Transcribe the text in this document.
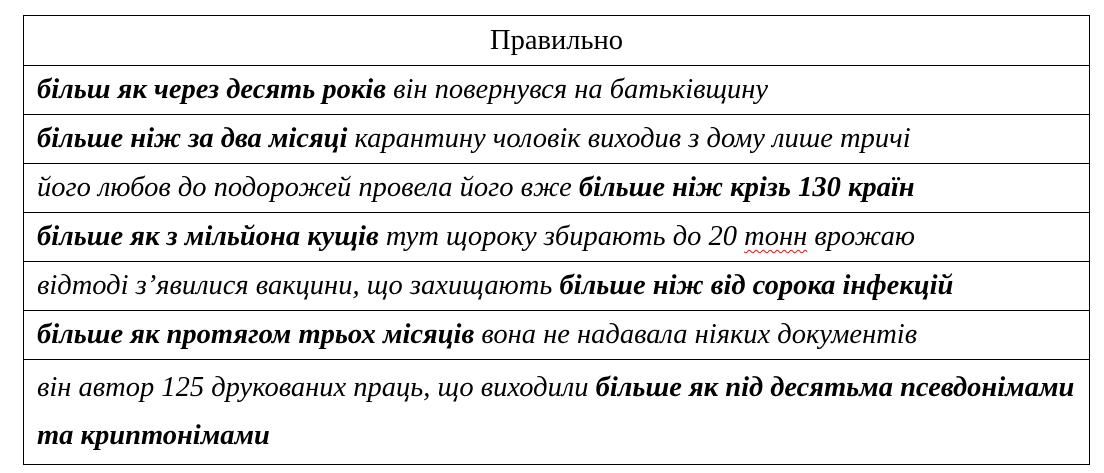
Правильно
більш як через десять років він повернувся на батьківщину
більше ніж за два місяці карантину чоловік виходив з дому лише тричі
його любов до подорожей провела його вже більше ніж крізь 130 країн
більше як з мільйона кущів тут щороку збирають до 20 тонн врожаю
відтоді з’явилися вакцини, що захищають більше ніж від сорока інфекцій
більше як протягом трьох місяців вона не надавала ніяких документів
він автор 125 друкованих праць, що виходили більше як під десятьма псевдонімами та криптонімами
